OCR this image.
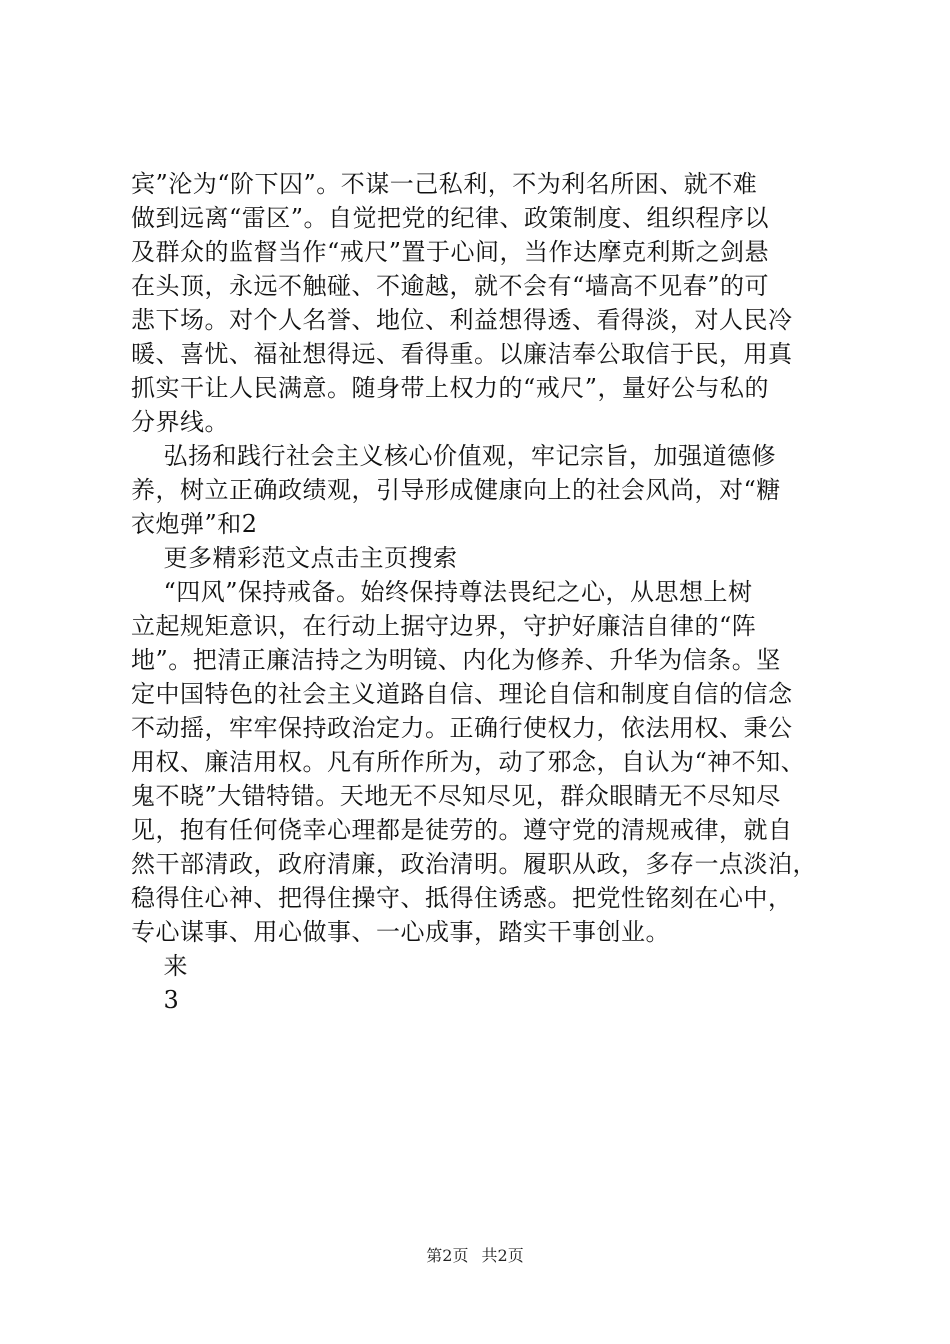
宾”沦为“阶下囚”。不谋一己私利，不为利名所困、就不难
做到远离“雷区”。自觉把党的纪律、政策制度、组织程序以
及群众的监督当作“戒尺”置于心间，当作达摩克利斯之剑悬
在头顶，永远不触碰、不逾越，就不会有“墙高不见春”的可
悲下场。对个人名誉、地位、利益想得透、看得淡，对人民冷
暖、喜忧、福祉想得远、看得重。以廉洁奉公取信于民，用真
抓实干让人民满意。随身带上权力的“戒尺”，量好公与私的
分界线。
弘扬和践行社会主义核心价值观，牢记宗旨，加强道德修
养，树立正确政绩观，引导形成健康向上的社会风尚，对“糖
衣炮弹”和2
更多精彩范文点击主页搜索
“四风”保持戒备。始终保持尊法畏纪之心，从思想上树
立起规矩意识，在行动上据守边界，守护好廉洁自律的“阵
地”。把清正廉洁持之为明镜、内化为修养、升华为信条。坚
定中国特色的社会主义道路自信、理论自信和制度自信的信念
不动摇，牢牢保持政治定力。正确行使权力，依法用权、秉公
用权、廉洁用权。凡有所作所为，动了邪念，自认为“神不知、
鬼不晓”大错特错。天地无不尽知尽见，群众眼睛无不尽知尽
见，抱有任何侥幸心理都是徒劳的。遵守党的清规戒律，就自
然干部清政，政府清廉，政治清明。履职从政，多存一点淡泊，
稳得住心神、把得住操守、抵得住诱惑。把党性铭刻在心中，
专心谋事、用心做事、一心成事，踏实干事创业。
来
3
第2页 共2页
